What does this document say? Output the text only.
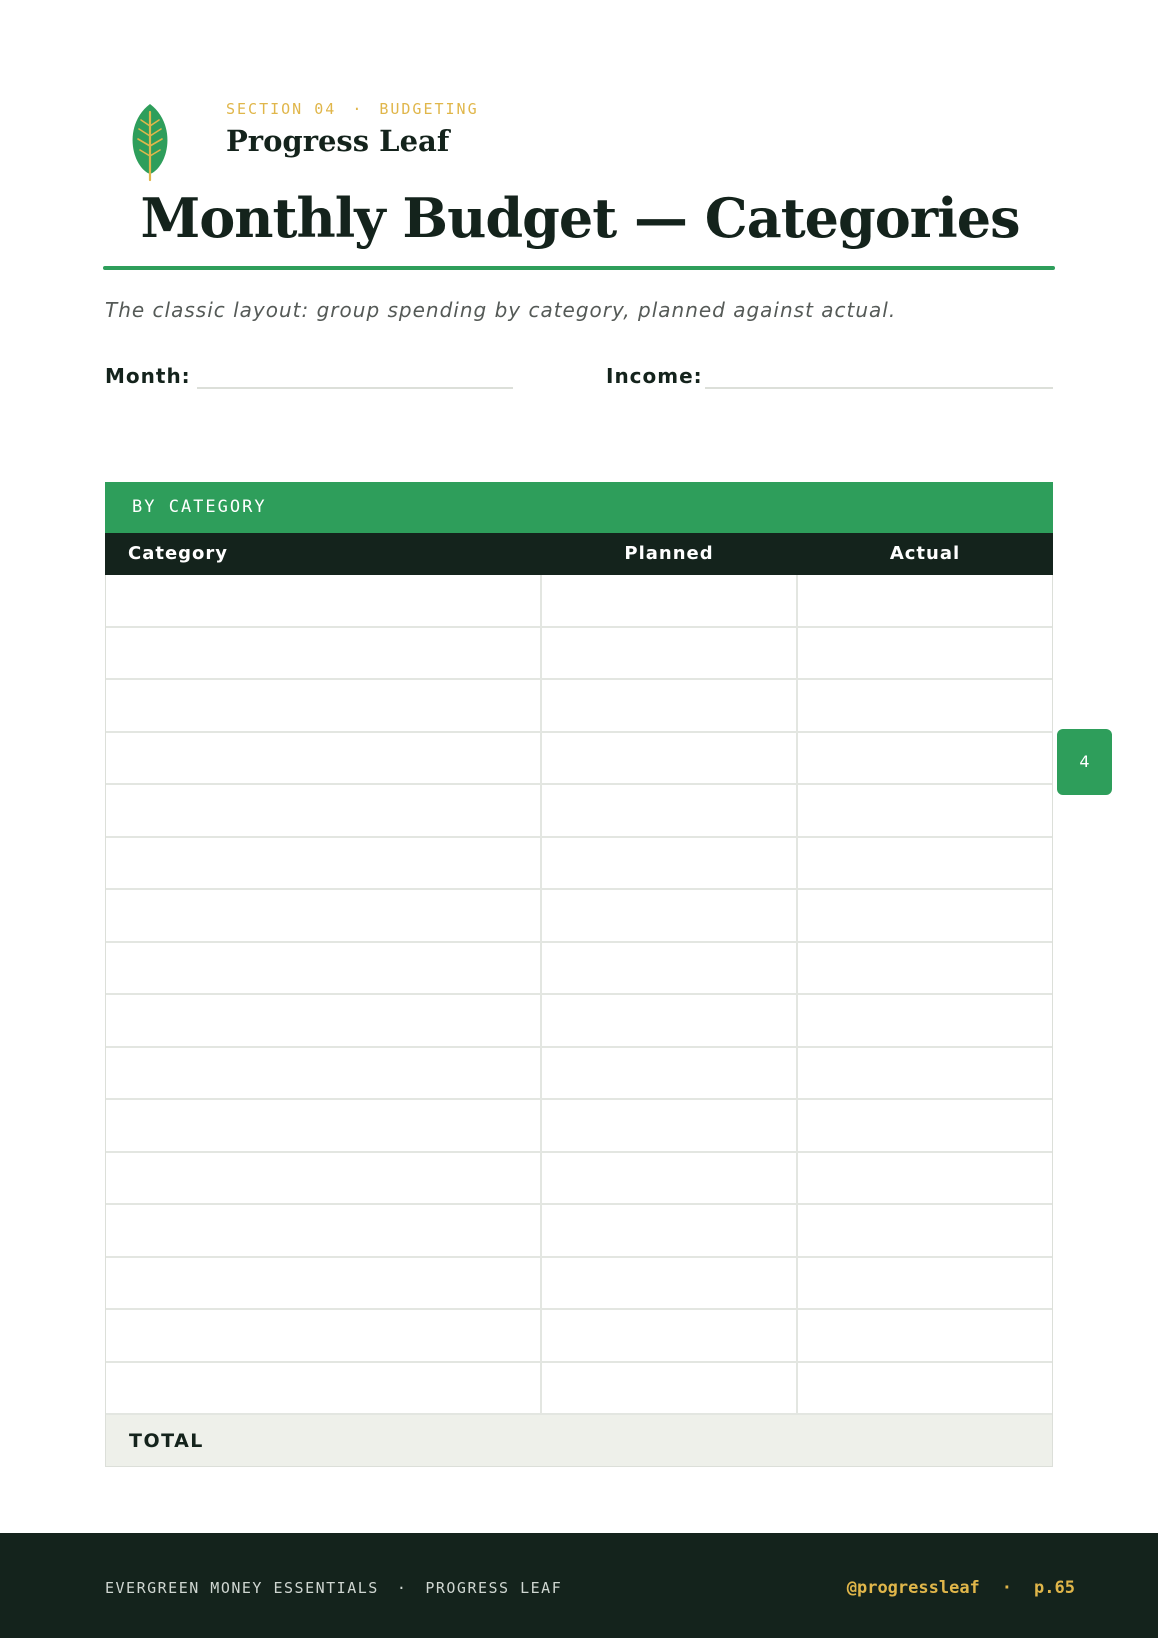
SECTION 04 · BUDGETING
Progress Leaf
Monthly Budget — Categories

The classic layout: group spending by category, planned against actual.

Month:	Income:
BY CATEGORY
Category	Planned	Actual
TOTAL
4
EVERGREEN MONEY ESSENTIALS · PROGRESS LEAF	@progressleaf · p.65
